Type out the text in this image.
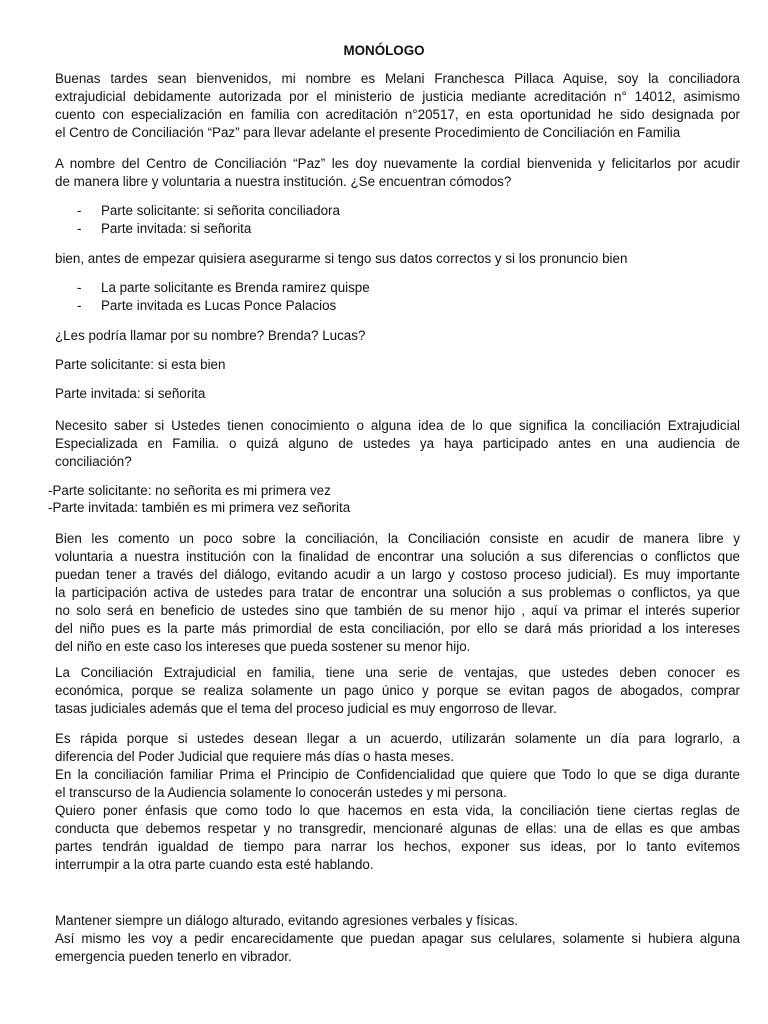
MONÓLOGO
Buenas tardes sean bienvenidos, mi nombre es Melani Franchesca Pillaca Aquise, soy la conciliadora
extrajudicial debidamente autorizada por el ministerio de justicia mediante acreditación n° 14012, asimismo
cuento con especialización en familia con acreditación n°20517, en esta oportunidad he sido designada por
el Centro de Conciliación “Paz” para llevar adelante el presente Procedimiento de Conciliación en Familia
A nombre del Centro de Conciliación “Paz” les doy nuevamente la cordial bienvenida y felicitarlos por acudir
de manera libre y voluntaria a nuestra institución. ¿Se encuentran cómodos?
- Parte solicitante: si señorita conciliadora
- Parte invitada: si señorita
bien, antes de empezar quisiera asegurarme si tengo sus datos correctos y si los pronuncio bien
- La parte solicitante es Brenda ramirez quispe
- Parte invitada es Lucas Ponce Palacios
¿Les podría llamar por su nombre? Brenda? Lucas?
Parte solicitante: si esta bien
Parte invitada: si señorita
Necesito saber si Ustedes tienen conocimiento o alguna idea de lo que significa la conciliación Extrajudicial
Especializada en Familia. o quizá alguno de ustedes ya haya participado antes en una audiencia de
conciliación?
-Parte solicitante: no señorita es mi primera vez
-Parte invitada: también es mi primera vez señorita
Bien les comento un poco sobre la conciliación, la Conciliación consiste en acudir de manera libre y
voluntaria a nuestra institución con la finalidad de encontrar una solución a sus diferencias o conflictos que
puedan tener a través del diálogo, evitando acudir a un largo y costoso proceso judicial). Es muy importante
la participación activa de ustedes para tratar de encontrar una solución a sus problemas o conflictos, ya que
no solo será en beneficio de ustedes sino que también de su menor hijo , aquí va primar el interés superior
del niño pues es la parte más primordial de esta conciliación, por ello se dará más prioridad a los intereses
del niño en este caso los intereses que pueda sostener su menor hijo.
La Conciliación Extrajudicial en familia, tiene una serie de ventajas, que ustedes deben conocer es
económica, porque se realiza solamente un pago único y porque se evitan pagos de abogados, comprar
tasas judiciales además que el tema del proceso judicial es muy engorroso de llevar.
Es rápida porque si ustedes desean llegar a un acuerdo, utilizarán solamente un día para lograrlo, a
diferencia del Poder Judicial que requiere más días o hasta meses.
En la conciliación familiar Prima el Principio de Confidencialidad que quiere que Todo lo que se diga durante
el transcurso de la Audiencia solamente lo conocerán ustedes y mi persona.
Quiero poner énfasis que como todo lo que hacemos en esta vida, la conciliación tiene ciertas reglas de
conducta que debemos respetar y no transgredir, mencionaré algunas de ellas: una de ellas es que ambas
partes tendrán igualdad de tiempo para narrar los hechos, exponer sus ideas, por lo tanto evitemos
interrumpir a la otra parte cuando esta esté hablando.
Mantener siempre un diálogo alturado, evitando agresiones verbales y físicas.
Así mismo les voy a pedir encarecidamente que puedan apagar sus celulares, solamente si hubiera alguna
emergencia pueden tenerlo en vibrador.
